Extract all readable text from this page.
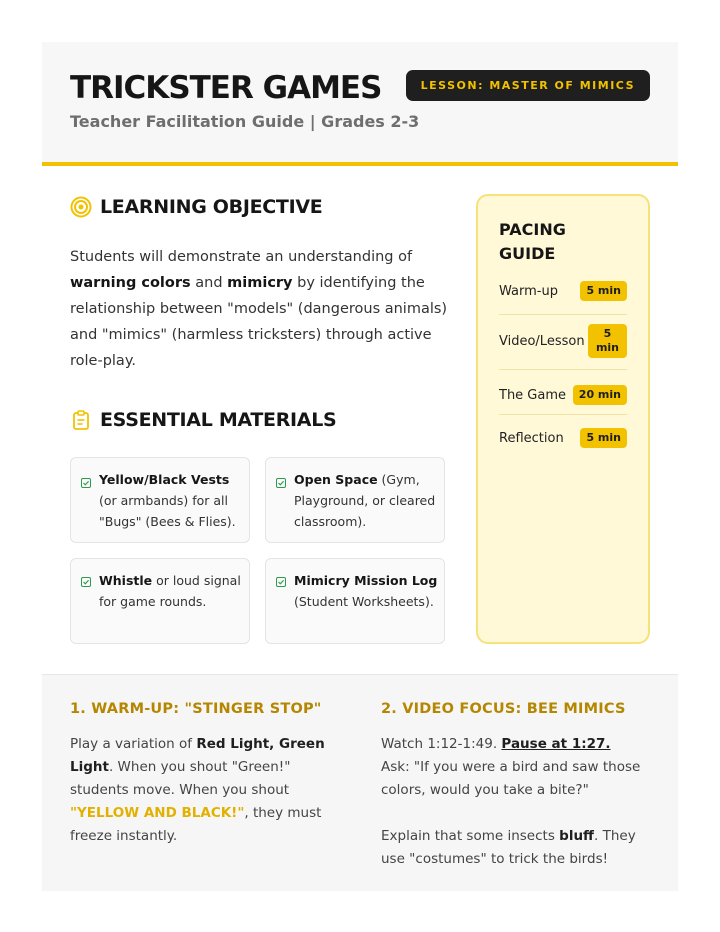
TRICKSTER GAMES
Teacher Facilitation Guide | Grades 2-3
LESSON: MASTER OF MIMICS
LEARNING OBJECTIVE
Students will demonstrate an understanding of warning colors and mimicry by identifying the relationship between "models" (dangerous animals) and "mimics" (harmless tricksters) through active role-play.
ESSENTIAL MATERIALS
Yellow/Black Vests (or armbands) for all "Bugs" (Bees & Flies).
Open Space (Gym, Playground, or cleared classroom).
Whistle or loud signal for game rounds.
Mimicry Mission Log (Student Worksheets).
PACING GUIDE
Warm-up	5 min
Video/Lesson	5 min
The Game	20 min
Reflection	5 min
1. WARM-UP: "STINGER STOP"
Play a variation of Red Light, Green Light. When you shout "Green!" students move. When you shout "YELLOW AND BLACK!", they must freeze instantly.
2. VIDEO FOCUS: BEE MIMICS
Watch 1:12-1:49. Pause at 1:27. Ask: "If you were a bird and saw those colors, would you take a bite?"

Explain that some insects bluff. They use "costumes" to trick the birds!
